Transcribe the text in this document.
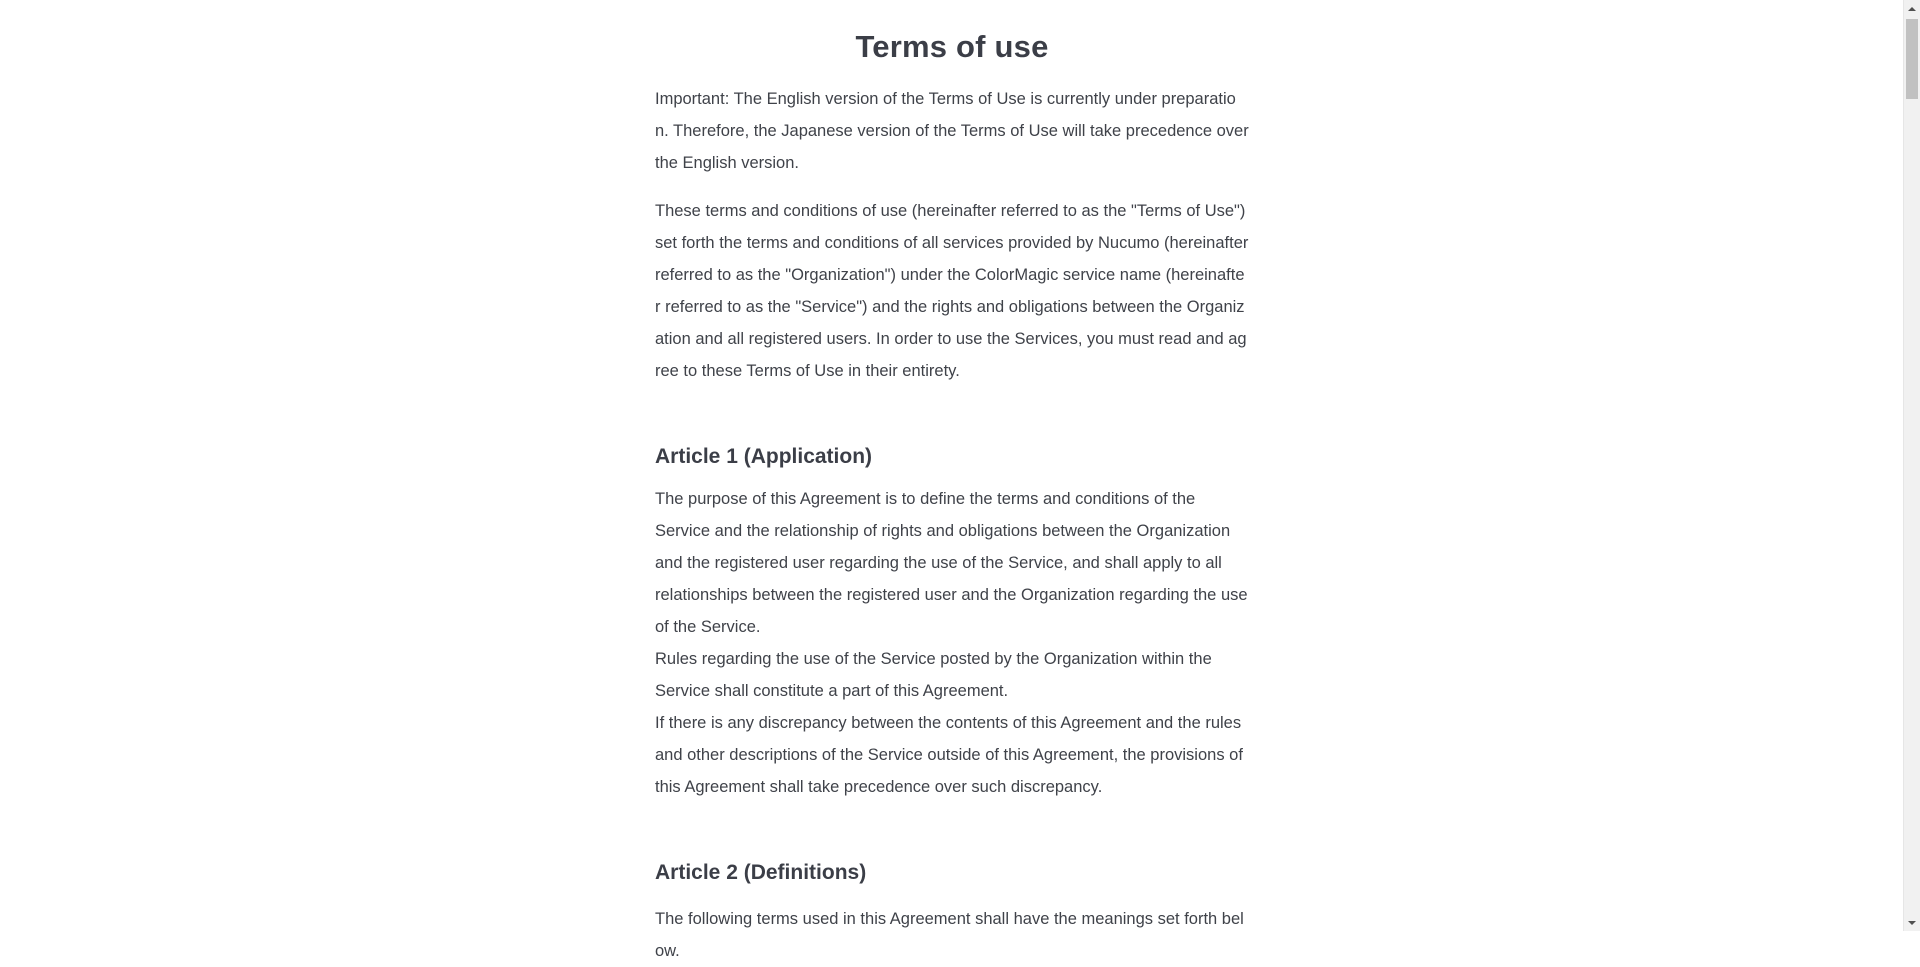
Terms of use

Important: The English version of the Terms of Use is currently under preparation. Therefore, the Japanese version of the Terms of Use will take precedence over the English version.

These terms and conditions of use (hereinafter referred to as the "Terms of Use") set forth the terms and conditions of all services provided by Nucumo (hereinafter referred to as the "Organization") under the ColorMagic service name (hereinafter referred to as the "Service") and the rights and obligations between the Organization and all registered users. In order to use the Services, you must read and agree to these Terms of Use in their entirety.

Article 1 (Application)

The purpose of this Agreement is to define the terms and conditions of the Service and the relationship of rights and obligations between the Organization and the registered user regarding the use of the Service, and shall apply to all relationships between the registered user and the Organization regarding the use of the Service.

Rules regarding the use of the Service posted by the Organization within the Service shall constitute a part of this Agreement.

If there is any discrepancy between the contents of this Agreement and the rules and other descriptions of the Service outside of this Agreement, the provisions of this Agreement shall take precedence over such discrepancy.

Article 2 (Definitions)

The following terms used in this Agreement shall have the meanings set forth below.
